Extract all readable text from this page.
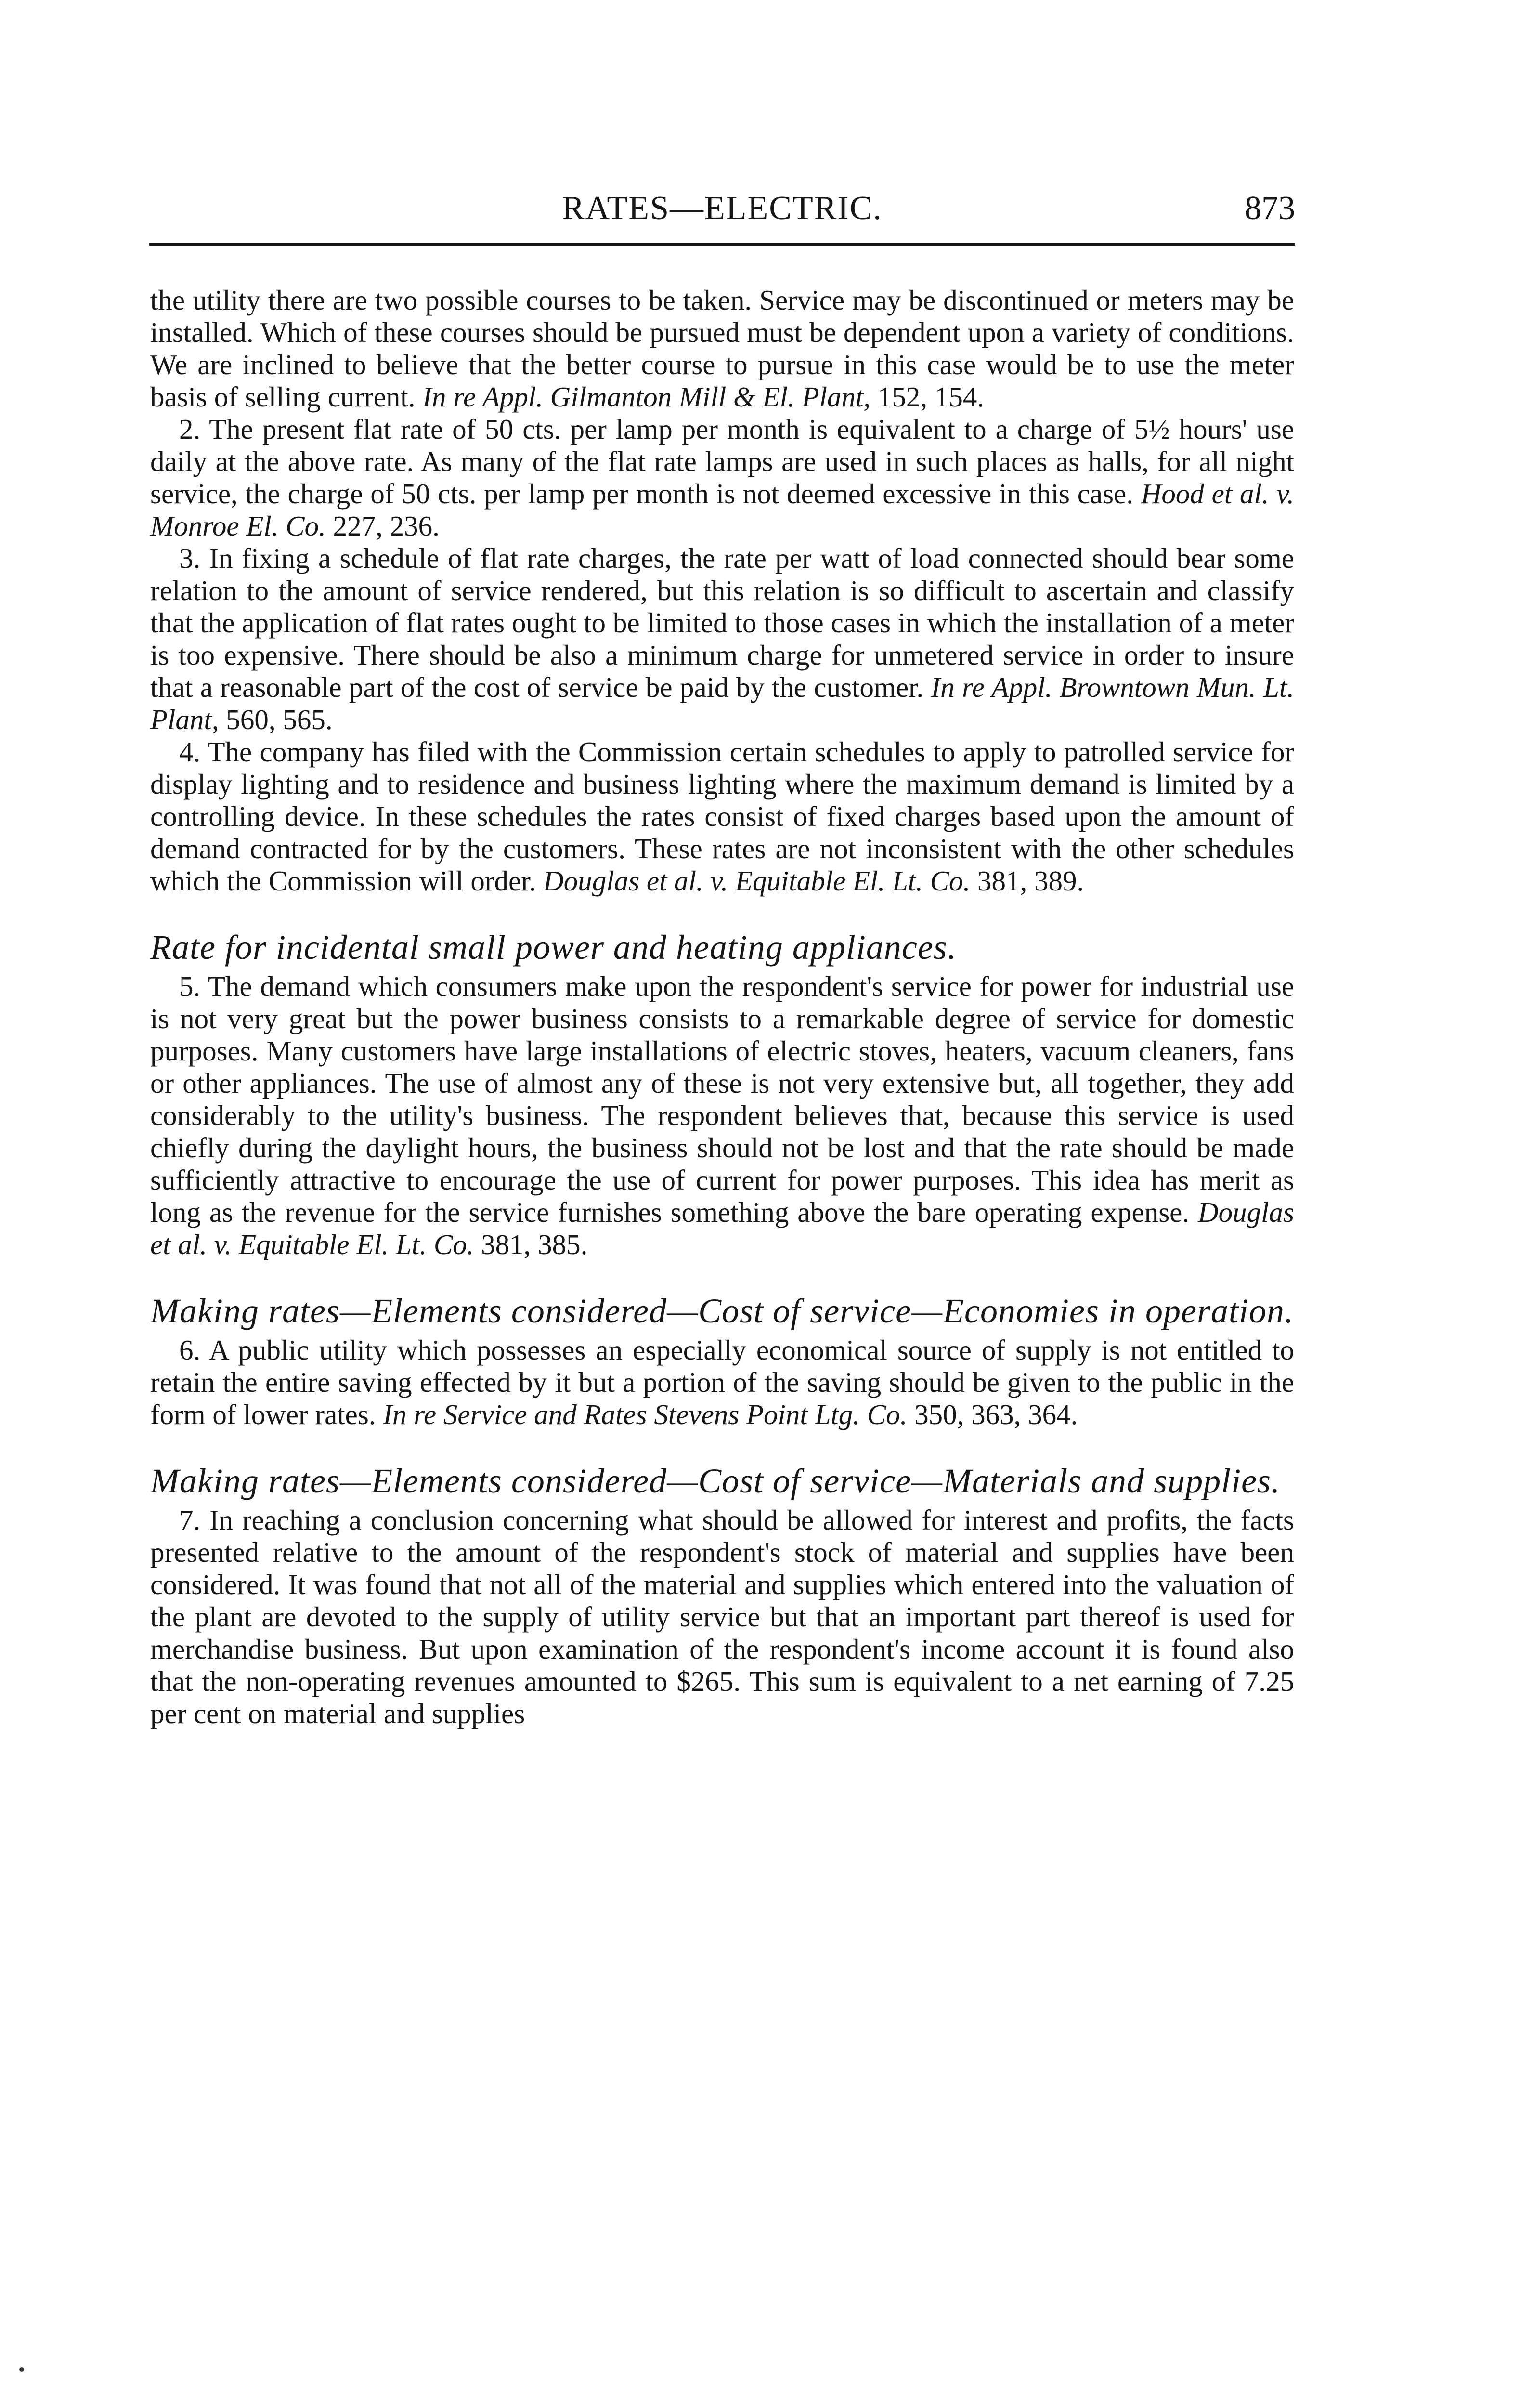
RATES—ELECTRIC.	873

the utility there are two possible courses to be taken. Service may be discontinued or meters may be installed. Which of these courses should be pursued must be dependent upon a variety of conditions. We are inclined to believe that the better course to pursue in this case would be to use the meter basis of selling current. In re Appl. Gilmanton Mill & El. Plant, 152, 154.

2. The present flat rate of 50 cts. per lamp per month is equivalent to a charge of 5½ hours' use daily at the above rate. As many of the flat rate lamps are used in such places as halls, for all night service, the charge of 50 cts. per lamp per month is not deemed excessive in this case. Hood et al. v. Monroe El. Co. 227, 236.

3. In fixing a schedule of flat rate charges, the rate per watt of load connected should bear some relation to the amount of service rendered, but this relation is so difficult to ascertain and classify that the application of flat rates ought to be limited to those cases in which the installation of a meter is too expensive. There should be also a minimum charge for unmetered service in order to insure that a reasonable part of the cost of service be paid by the customer. In re Appl. Browntown Mun. Lt. Plant, 560, 565.

4. The company has filed with the Commission certain schedules to apply to patrolled service for display lighting and to residence and business lighting where the maximum demand is limited by a controlling device. In these schedules the rates consist of fixed charges based upon the amount of demand contracted for by the customers. These rates are not inconsistent with the other schedules which the Commission will order. Douglas et al. v. Equitable El. Lt. Co. 381, 389.

Rate for incidental small power and heating appliances.

5. The demand which consumers make upon the respondent's service for power for industrial use is not very great but the power business consists to a remarkable degree of service for domestic purposes. Many customers have large installations of electric stoves, heaters, vacuum cleaners, fans or other appliances. The use of almost any of these is not very extensive but, all together, they add considerably to the utility's business. The respondent believes that, because this service is used chiefly during the daylight hours, the business should not be lost and that the rate should be made sufficiently attractive to encourage the use of current for power purposes. This idea has merit as long as the revenue for the service furnishes something above the bare operating expense. Douglas et al. v. Equitable El. Lt. Co. 381, 385.

Making rates—Elements considered—Cost of service—Economies in operation.

6. A public utility which possesses an especially economical source of supply is not entitled to retain the entire saving effected by it but a portion of the saving should be given to the public in the form of lower rates. In re Service and Rates Stevens Point Ltg. Co. 350, 363, 364.

Making rates—Elements considered—Cost of service—Materials and supplies.

7. In reaching a conclusion concerning what should be allowed for interest and profits, the facts presented relative to the amount of the respondent's stock of material and supplies have been considered. It was found that not all of the material and supplies which entered into the valuation of the plant are devoted to the supply of utility service but that an important part thereof is used for merchandise business. But upon examination of the respondent's income account it is found also that the non-operating revenues amounted to $265. This sum is equivalent to a net earning of 7.25 per cent on material and supplies
